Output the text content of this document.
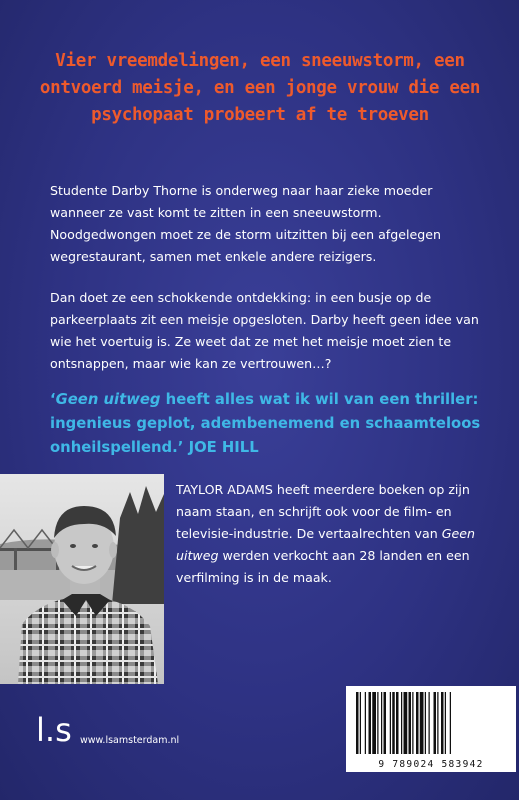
Vier vreemdelingen, een sneeuwstorm, een ontvoerd meisje, en een jonge vrouw die een psychopaat probeert af te troeven

Studente Darby Thorne is onderweg naar haar zieke moeder wanneer ze vast komt te zitten in een sneeuwstorm. Noodgedwongen moet ze de storm uitzitten bij een afgelegen wegrestaurant, samen met enkele andere reizigers.

Dan doet ze een schokkende ontdekking: in een busje op de parkeerplaats zit een meisje opgesloten. Darby heeft geen idee van wie het voertuig is. Ze weet dat ze met het meisje moet zien te ontsnappen, maar wie kan ze vertrouwen…?

‘Geen uitweg heeft alles wat ik wil van een thriller: ingenieus geplot, adembenemend en schaamteloos onheilspellend.’ JOE HILL

TAYLOR ADAMS heeft meerdere boeken op zijn naam staan, en schrijft ook voor de film- en televisie-industrie. De vertaalrechten van Geen uitweg werden verkocht aan 28 landen en een verfilming is in de maak.

l.s www.lsamsterdam.nl
9 789024 583942
